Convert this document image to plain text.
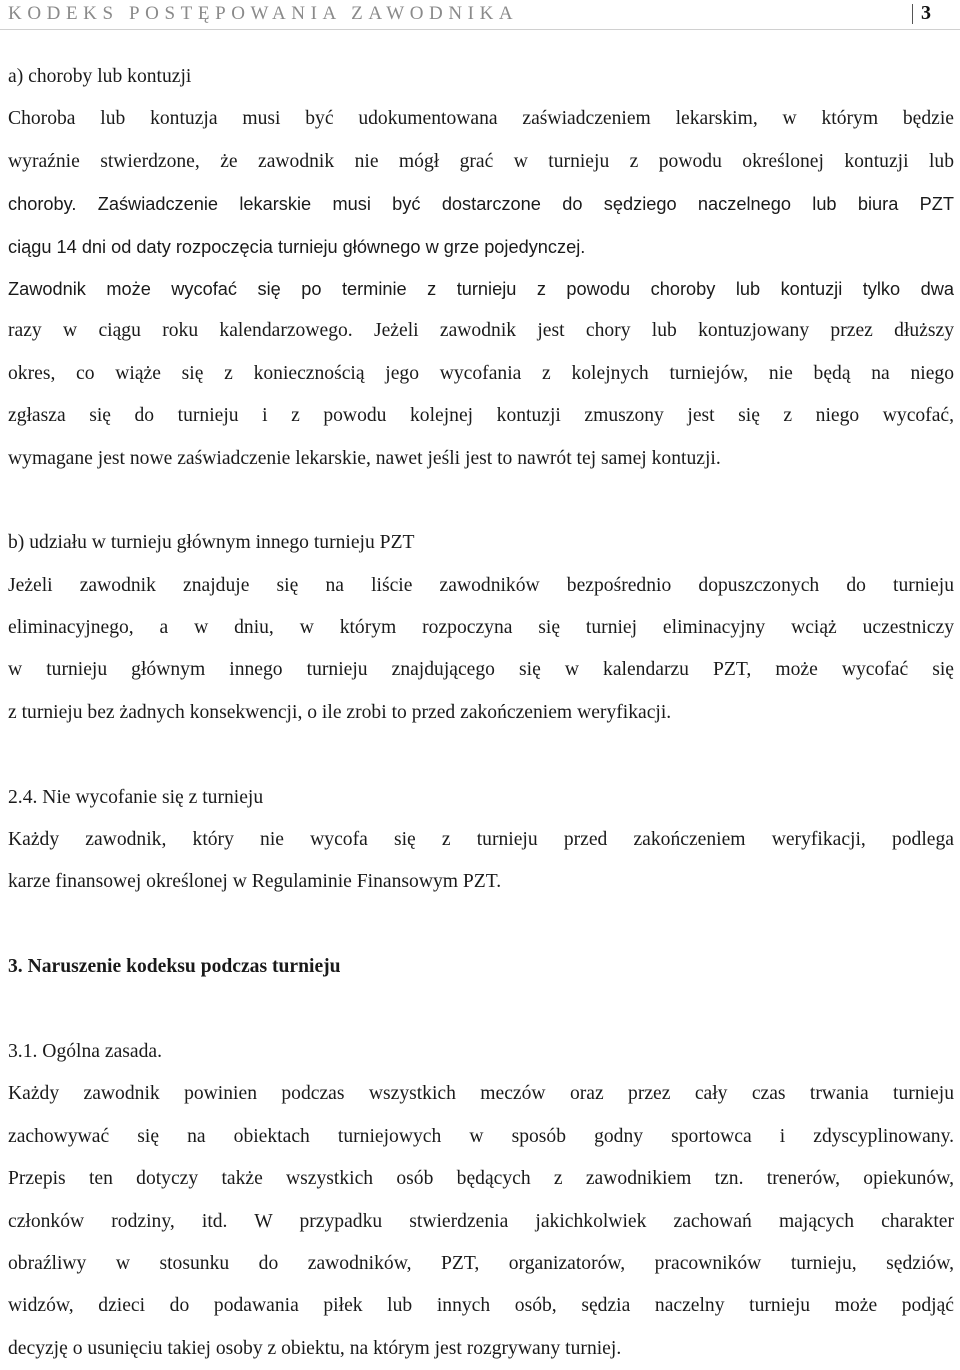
KODEKS POSTĘPOWANIA ZAWODNIKA	3
a) choroby lub kontuzji
Choroba lub kontuzja musi być udokumentowana zaświadczeniem lekarskim, w którym będzie
wyraźnie stwierdzone, że zawodnik nie mógł grać w turnieju z powodu określonej kontuzji lub
choroby. Zaświadczenie lekarskie musi być dostarczone do sędziego naczelnego lub biura PZT
ciągu 14 dni od daty rozpoczęcia turnieju głównego w grze pojedynczej.
Zawodnik może wycofać się po terminie z turnieju z powodu choroby lub kontuzji tylko dwa
razy w ciągu roku kalendarzowego. Jeżeli zawodnik jest chory lub kontuzjowany przez dłuższy
okres, co wiąże się z koniecznością jego wycofania z kolejnych turniejów, nie będą na niego
zgłasza się do turnieju i z powodu kolejnej kontuzji zmuszony jest się z niego wycofać,
wymagane jest nowe zaświadczenie lekarskie, nawet jeśli jest to nawrót tej samej kontuzji.
b) udziału w turnieju głównym innego turnieju PZT
Jeżeli zawodnik znajduje się na liście zawodników bezpośrednio dopuszczonych do turnieju
eliminacyjnego, a w dniu, w którym rozpoczyna się turniej eliminacyjny wciąż uczestniczy
w turnieju głównym innego turnieju znajdującego się w kalendarzu PZT, może wycofać się
z turnieju bez żadnych konsekwencji, o ile zrobi to przed zakończeniem weryfikacji.
2.4. Nie wycofanie się z turnieju
Każdy zawodnik, który nie wycofa się z turnieju przed zakończeniem weryfikacji, podlega
karze finansowej określonej w Regulaminie Finansowym PZT.
3. Naruszenie kodeksu podczas turnieju
3.1. Ogólna zasada.
Każdy zawodnik powinien podczas wszystkich meczów oraz przez cały czas trwania turnieju
zachowywać się na obiektach turniejowych w sposób godny sportowca i zdyscyplinowany.
Przepis ten dotyczy także wszystkich osób będących z zawodnikiem tzn. trenerów, opiekunów,
członków rodziny, itd. W przypadku stwierdzenia jakichkolwiek zachowań mających charakter
obraźliwy w stosunku do zawodników, PZT, organizatorów, pracowników turnieju, sędziów,
widzów, dzieci do podawania piłek lub innych osób, sędzia naczelny turnieju może podjąć
decyzję o usunięciu takiej osoby z obiektu, na którym jest rozgrywany turniej.
